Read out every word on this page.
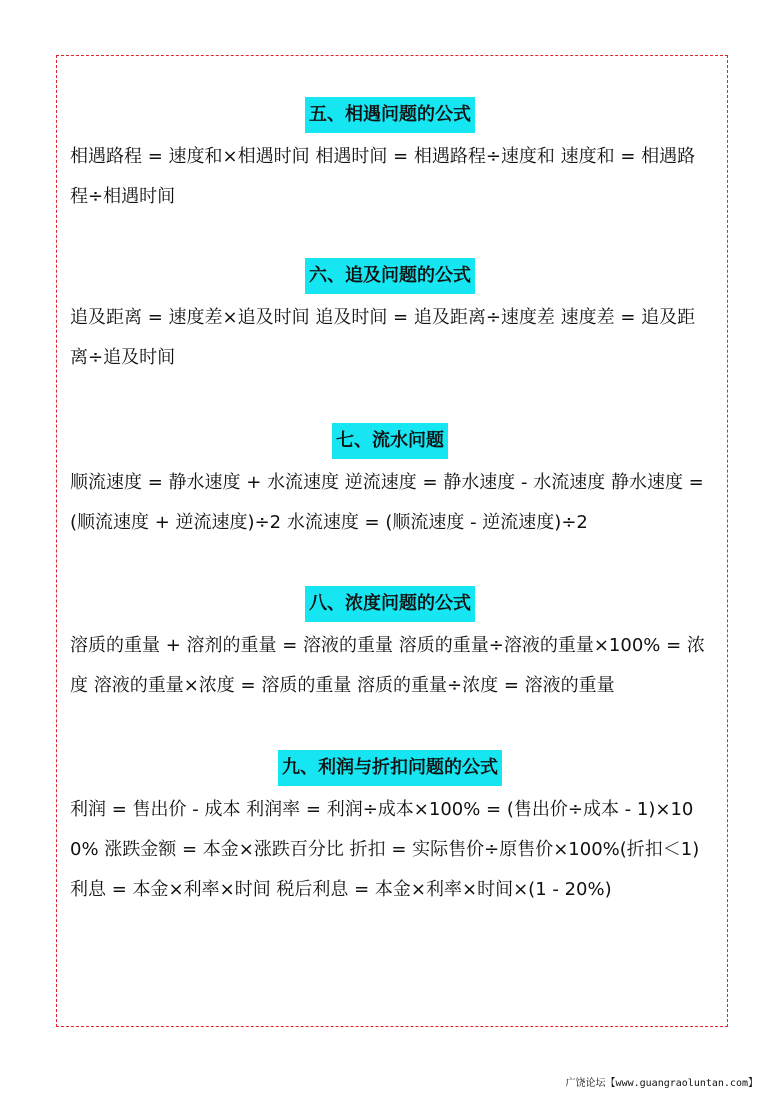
五、相遇问题的公式
相遇路程 = 速度和×相遇时间 相遇时间 = 相遇路程÷速度和 速度和 = 相遇路程÷相遇时间
六、追及问题的公式
追及距离 = 速度差×追及时间 追及时间 = 追及距离÷速度差 速度差 = 追及距离÷追及时间
七、流水问题
顺流速度 = 静水速度 + 水流速度 逆流速度 = 静水速度 - 水流速度 静水速度 = (顺流速度 + 逆流速度)÷2 水流速度 = (顺流速度 - 逆流速度)÷2
八、浓度问题的公式
溶质的重量 + 溶剂的重量 = 溶液的重量 溶质的重量÷溶液的重量×100% = 浓度 溶液的重量×浓度 = 溶质的重量 溶质的重量÷浓度 = 溶液的重量
九、利润与折扣问题的公式
利润 = 售出价 - 成本 利润率 = 利润÷成本×100% = (售出价÷成本 - 1)×100% 涨跌金额 = 本金×涨跌百分比 折扣 = 实际售价÷原售价×100%(折扣＜1) 利息 = 本金×利率×时间 税后利息 = 本金×利率×时间×(1 - 20%)
广饶论坛【www.guangraoluntan.com】
